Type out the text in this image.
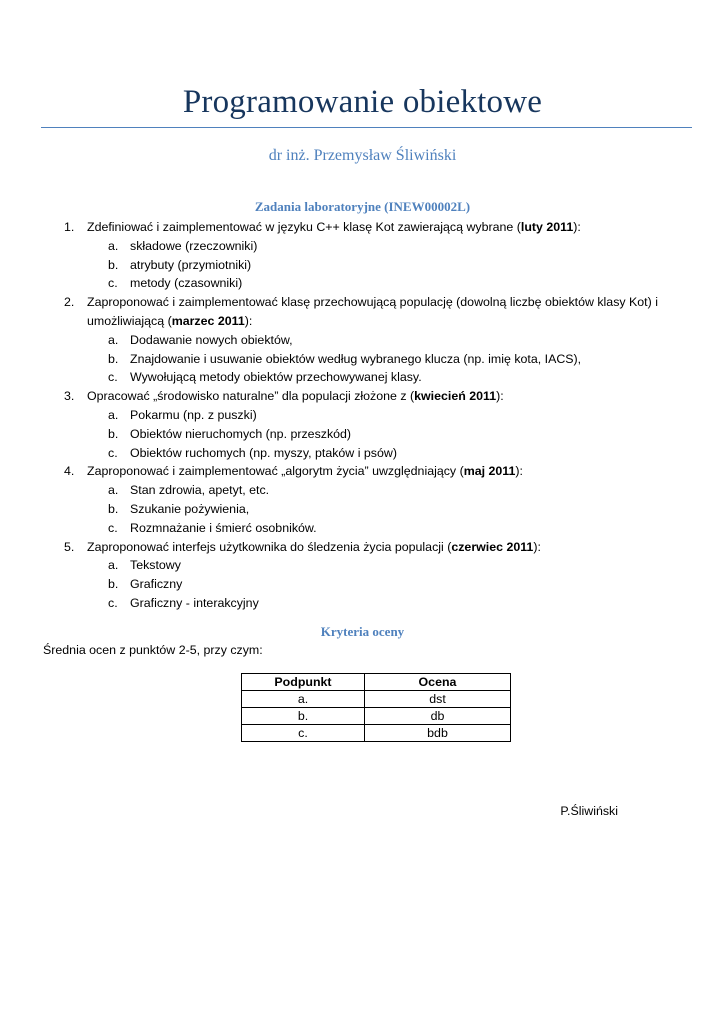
Programowanie obiektowe
dr inż. Przemysław Śliwiński
Zadania laboratoryjne (INEW00002L)
1. Zdefiniować i zaimplementować w języku C++ klasę Kot zawierającą wybrane (luty 2011):
a. składowe (rzeczowniki)
b. atrybuty (przymiotniki)
c. metody (czasowniki)
2. Zaproponować i zaimplementować klasę przechowującą populację (dowolną liczbę obiektów klasy Kot) i
umożliwiającą (marzec 2011):
a. Dodawanie nowych obiektów,
b. Znajdowanie i usuwanie obiektów według wybranego klucza (np. imię kota, IACS),
c. Wywołującą metody obiektów przechowywanej klasy.
3. Opracować „środowisko naturalne” dla populacji złożone z (kwiecień 2011):
a. Pokarmu (np. z puszki)
b. Obiektów nieruchomych (np. przeszkód)
c. Obiektów ruchomych (np. myszy, ptaków i psów)
4. Zaproponować i zaimplementować „algorytm życia” uwzględniający (maj 2011):
a. Stan zdrowia, apetyt, etc.
b. Szukanie pożywienia,
c. Rozmnażanie i śmierć osobników.
5. Zaproponować interfejs użytkownika do śledzenia życia populacji (czerwiec 2011):
a. Tekstowy
b. Graficzny
c. Graficzny - interakcyjny
Kryteria oceny
Średnia ocen z punktów 2-5, przy czym:
Podpunkt	Ocena
a.	dst
b.	db
c.	bdb
P.Śliwiński
